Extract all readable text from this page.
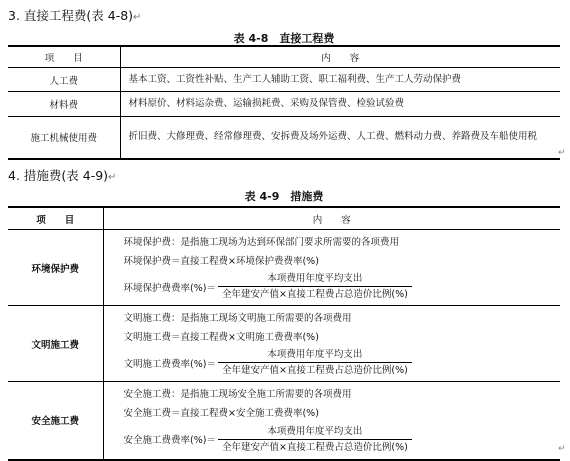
3. 直接工程费(表 4-8)↵
表 4-8　直接工程费
项　　目	内　　容
人工费	基本工资、工资性补贴、生产工人辅助工资、职工福利费、生产工人劳动保护费
材料费	材料原价、材料运杂费、运输损耗费、采购及保管费、检验试验费
施工机械使用费	折旧费、大修理费、经常修理费、安拆费及场外运费、人工费、燃料动力费、养路费及车船使用税
↵
4. 措施费(表 4-9)↵
表 4-9　措施费
项　　目	内　　容
环境保护费	环境保护费：是指施工现场为达到环保部门要求所需要的各项费用
环境保护费＝直接工程费×环境保护费费率(%)
环境保护费费率(%)＝ $\frac{\text{本项费用年度平均支出}}{\text{全年建安产值×直接工程费占总造价比例(\%)}}$

文明施工费	文明施工费：是指施工现场文明施工所需要的各项费用
文明施工费＝直接工程费×文明施工费费率(%)
文明施工费费率(%)＝ $\frac{\text{本项费用年度平均支出}}{\text{全年建安产值×直接工程费占总造价比例(\%)}}$

安全施工费	安全施工费：是指施工现场安全施工所需要的各项费用
安全施工费＝直接工程费×安全施工费费率(%)
安全施工费费率(%)＝ $\frac{\text{本项费用年度平均支出}}{\text{全年建安产值×直接工程费占总造价比例(\%)}}$	↵
